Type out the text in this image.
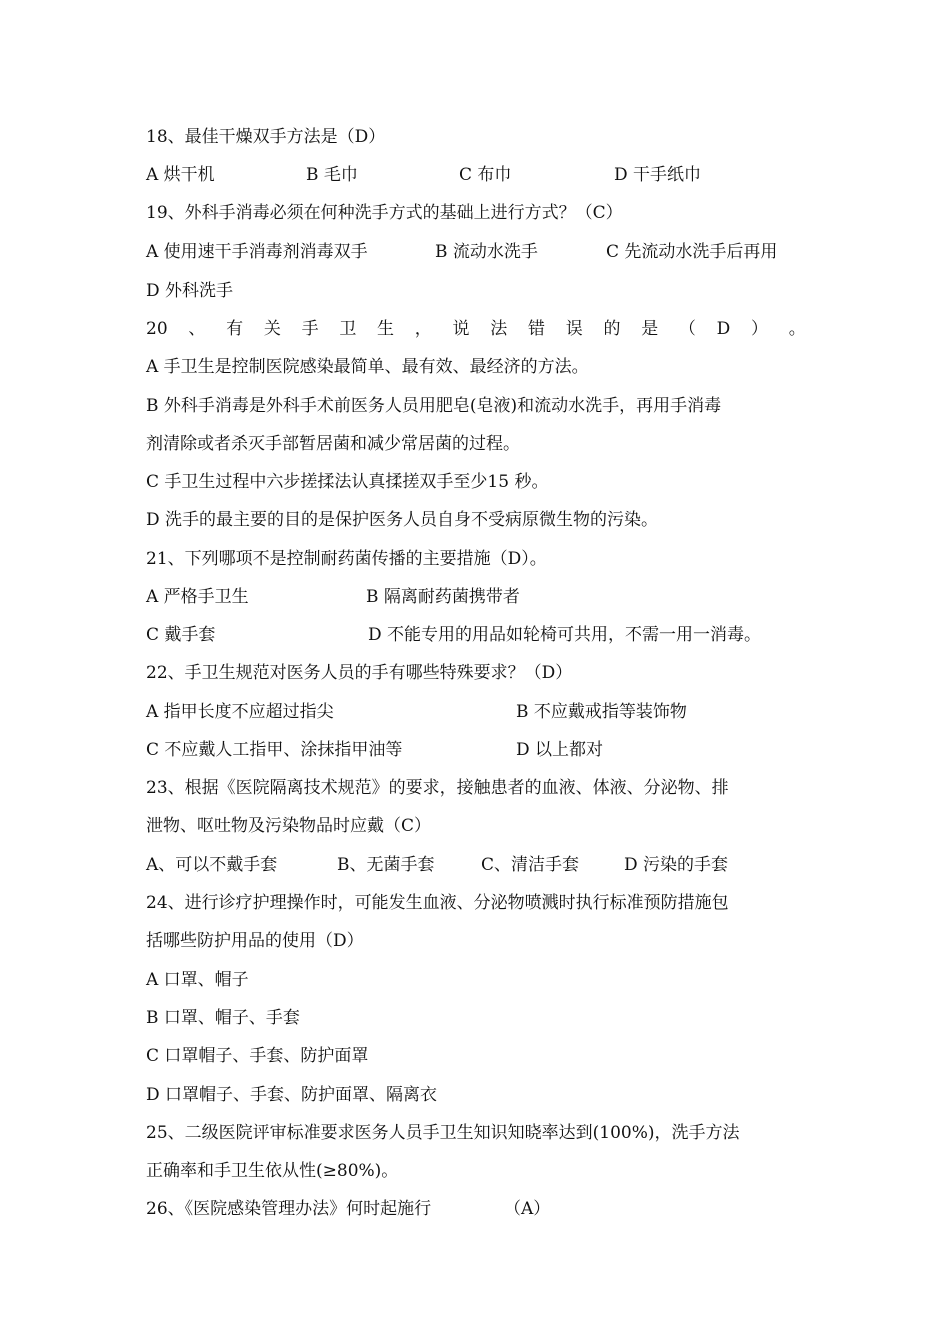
18、最佳干燥双手方法是（D）
A 烘干机	B 毛巾	C 布巾	D 干手纸巾
19、外科手消毒必须在何种洗手方式的基础上进行方式？（C）
A 使用速干手消毒剂消毒双手	B 流动水洗手	C 先流动水洗手后再用
D 外科洗手
20 、 有 关 手 卫 生 ， 说 法 错 误 的 是 （ D ） 。
A 手卫生是控制医院感染最简单、最有效、最经济的方法。
B 外科手消毒是外科手术前医务人员用肥皂(皂液)和流动水洗手，再用手消毒
剂清除或者杀灭手部暂居菌和减少常居菌的过程。
C 手卫生过程中六步搓揉法认真揉搓双手至少15 秒。
D 洗手的最主要的目的是保护医务人员自身不受病原微生物的污染。
21、下列哪项不是控制耐药菌传播的主要措施（D）。
A 严格手卫生	B 隔离耐药菌携带者
C 戴手套	D 不能专用的用品如轮椅可共用，不需一用一消毒。
22、手卫生规范对医务人员的手有哪些特殊要求？（D）
A 指甲长度不应超过指尖	B 不应戴戒指等装饰物
C 不应戴人工指甲、涂抹指甲油等	D 以上都对
23、根据《医院隔离技术规范》的要求，接触患者的血液、体液、分泌物、排
泄物、呕吐物及污染物品时应戴（C）
A、可以不戴手套	B、无菌手套	C、清洁手套	D 污染的手套
24、进行诊疗护理操作时，可能发生血液、分泌物喷溅时执行标准预防措施包
括哪些防护用品的使用（D）
A 口罩、帽子
B 口罩、帽子、手套
C 口罩帽子、手套、防护面罩
D 口罩帽子、手套、防护面罩、隔离衣
25、二级医院评审标准要求医务人员手卫生知识知晓率达到(100%)，洗手方法
正确率和手卫生依从性(≥80%)。
26、《医院感染管理办法》何时起施行	（A）
